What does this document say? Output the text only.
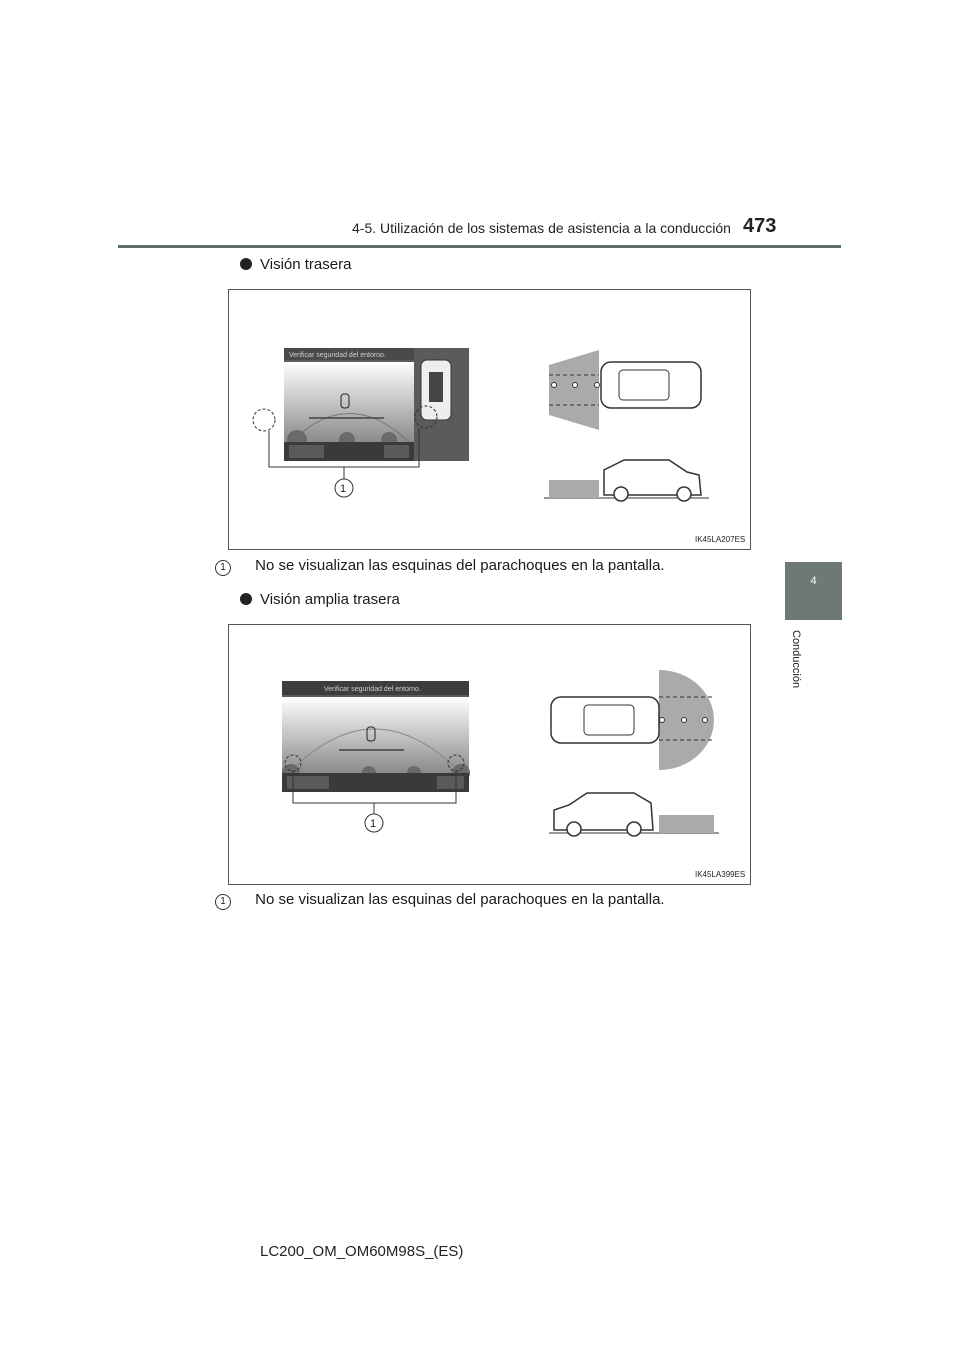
4-5. Utilización de los sistemas de asistencia a la conducción 473
4
Conducción
Visión trasera
Verificar seguridad del entorno.
1
IK45LA207ES
1 No se visualizan las esquinas del parachoques en la pantalla.
Visión amplia trasera
Verificar seguridad del entorno.
1
IK45LA399ES
1 No se visualizan las esquinas del parachoques en la pantalla.
LC200_OM_OM60M98S_(ES)
